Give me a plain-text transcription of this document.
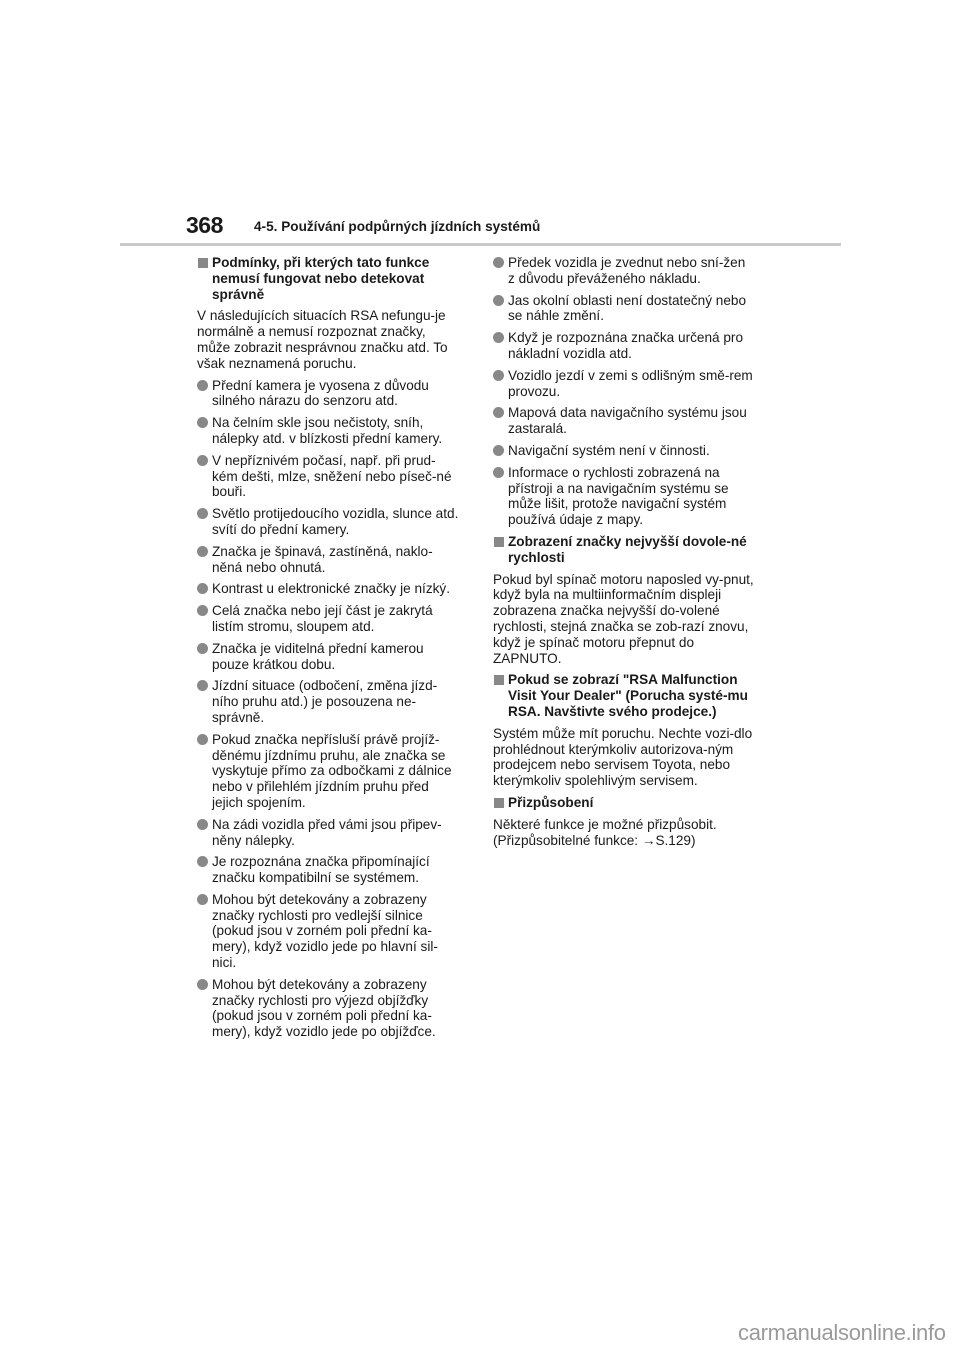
368 4-5. Používání podpůrných jízdních systémů
Podmínky, při kterých tato funkce nemusí fungovat nebo detekovat správně
V následujících situacích RSA nefungu-je normálně a nemusí rozpoznat značky, může zobrazit nesprávnou značku atd. To však neznamená poruchu.
Přední kamera je vyosena z důvodu silného nárazu do senzoru atd.
Na čelním skle jsou nečistoty, sníh, nálepky atd. v blízkosti přední kamery.
V nepříznivém počasí, např. při prud-kém dešti, mlze, sněžení nebo píseč-né bouři.
Světlo protijedoucího vozidla, slunce atd. svítí do přední kamery.
Značka je špinavá, zastíněná, naklo-něná nebo ohnutá.
Kontrast u elektronické značky je nízký.
Celá značka nebo její část je zakrytá listím stromu, sloupem atd.
Značka je viditelná přední kamerou pouze krátkou dobu.
Jízdní situace (odbočení, změna jízd-ního pruhu atd.) je posouzena ne-správně.
Pokud značka nepřísluší právě projíž-děnému jízdnímu pruhu, ale značka se vyskytuje přímo za odbočkami z dálnice nebo v přilehlém jízdním pruhu před jejich spojením.
Na zádi vozidla před vámi jsou připev-něny nálepky.
Je rozpoznána značka připomínající značku kompatibilní se systémem.
Mohou být detekovány a zobrazeny značky rychlosti pro vedlejší silnice (pokud jsou v zorném poli přední ka-mery), když vozidlo jede po hlavní sil-nici.
Mohou být detekovány a zobrazeny značky rychlosti pro výjezd objížďky (pokud jsou v zorném poli přední ka-mery), když vozidlo jede po objížďce.
Předek vozidla je zvednut nebo sní-žen z důvodu převáženého nákladu.
Jas okolní oblasti není dostatečný nebo se náhle změní.
Když je rozpoznána značka určená pro nákladní vozidla atd.
Vozidlo jezdí v zemi s odlišným smě-rem provozu.
Mapová data navigačního systému jsou zastaralá.
Navigační systém není v činnosti.
Informace o rychlosti zobrazená na přístroji a na navigačním systému se může lišit, protože navigační systém používá údaje z mapy.
Zobrazení značky nejvyšší dovole-né rychlosti
Pokud byl spínač motoru naposled vy-pnut, když byla na multiinformačním displeji zobrazena značka nejvyšší do-volené rychlosti, stejná značka se zob-razí znovu, když je spínač motoru přepnut do ZAPNUTO.
Pokud se zobrazí "RSA Malfunction Visit Your Dealer" (Porucha systé-mu RSA. Navštivte svého prodejce.)
Systém může mít poruchu. Nechte vozi-dlo prohlédnout kterýmkoliv autorizova-ným prodejcem nebo servisem Toyota, nebo kterýmkoliv spolehlivým servisem.
Přizpůsobení
Některé funkce je možné přizpůsobit. (Přizpůsobitelné funkce: →S.129)
carmanualsonline.info
